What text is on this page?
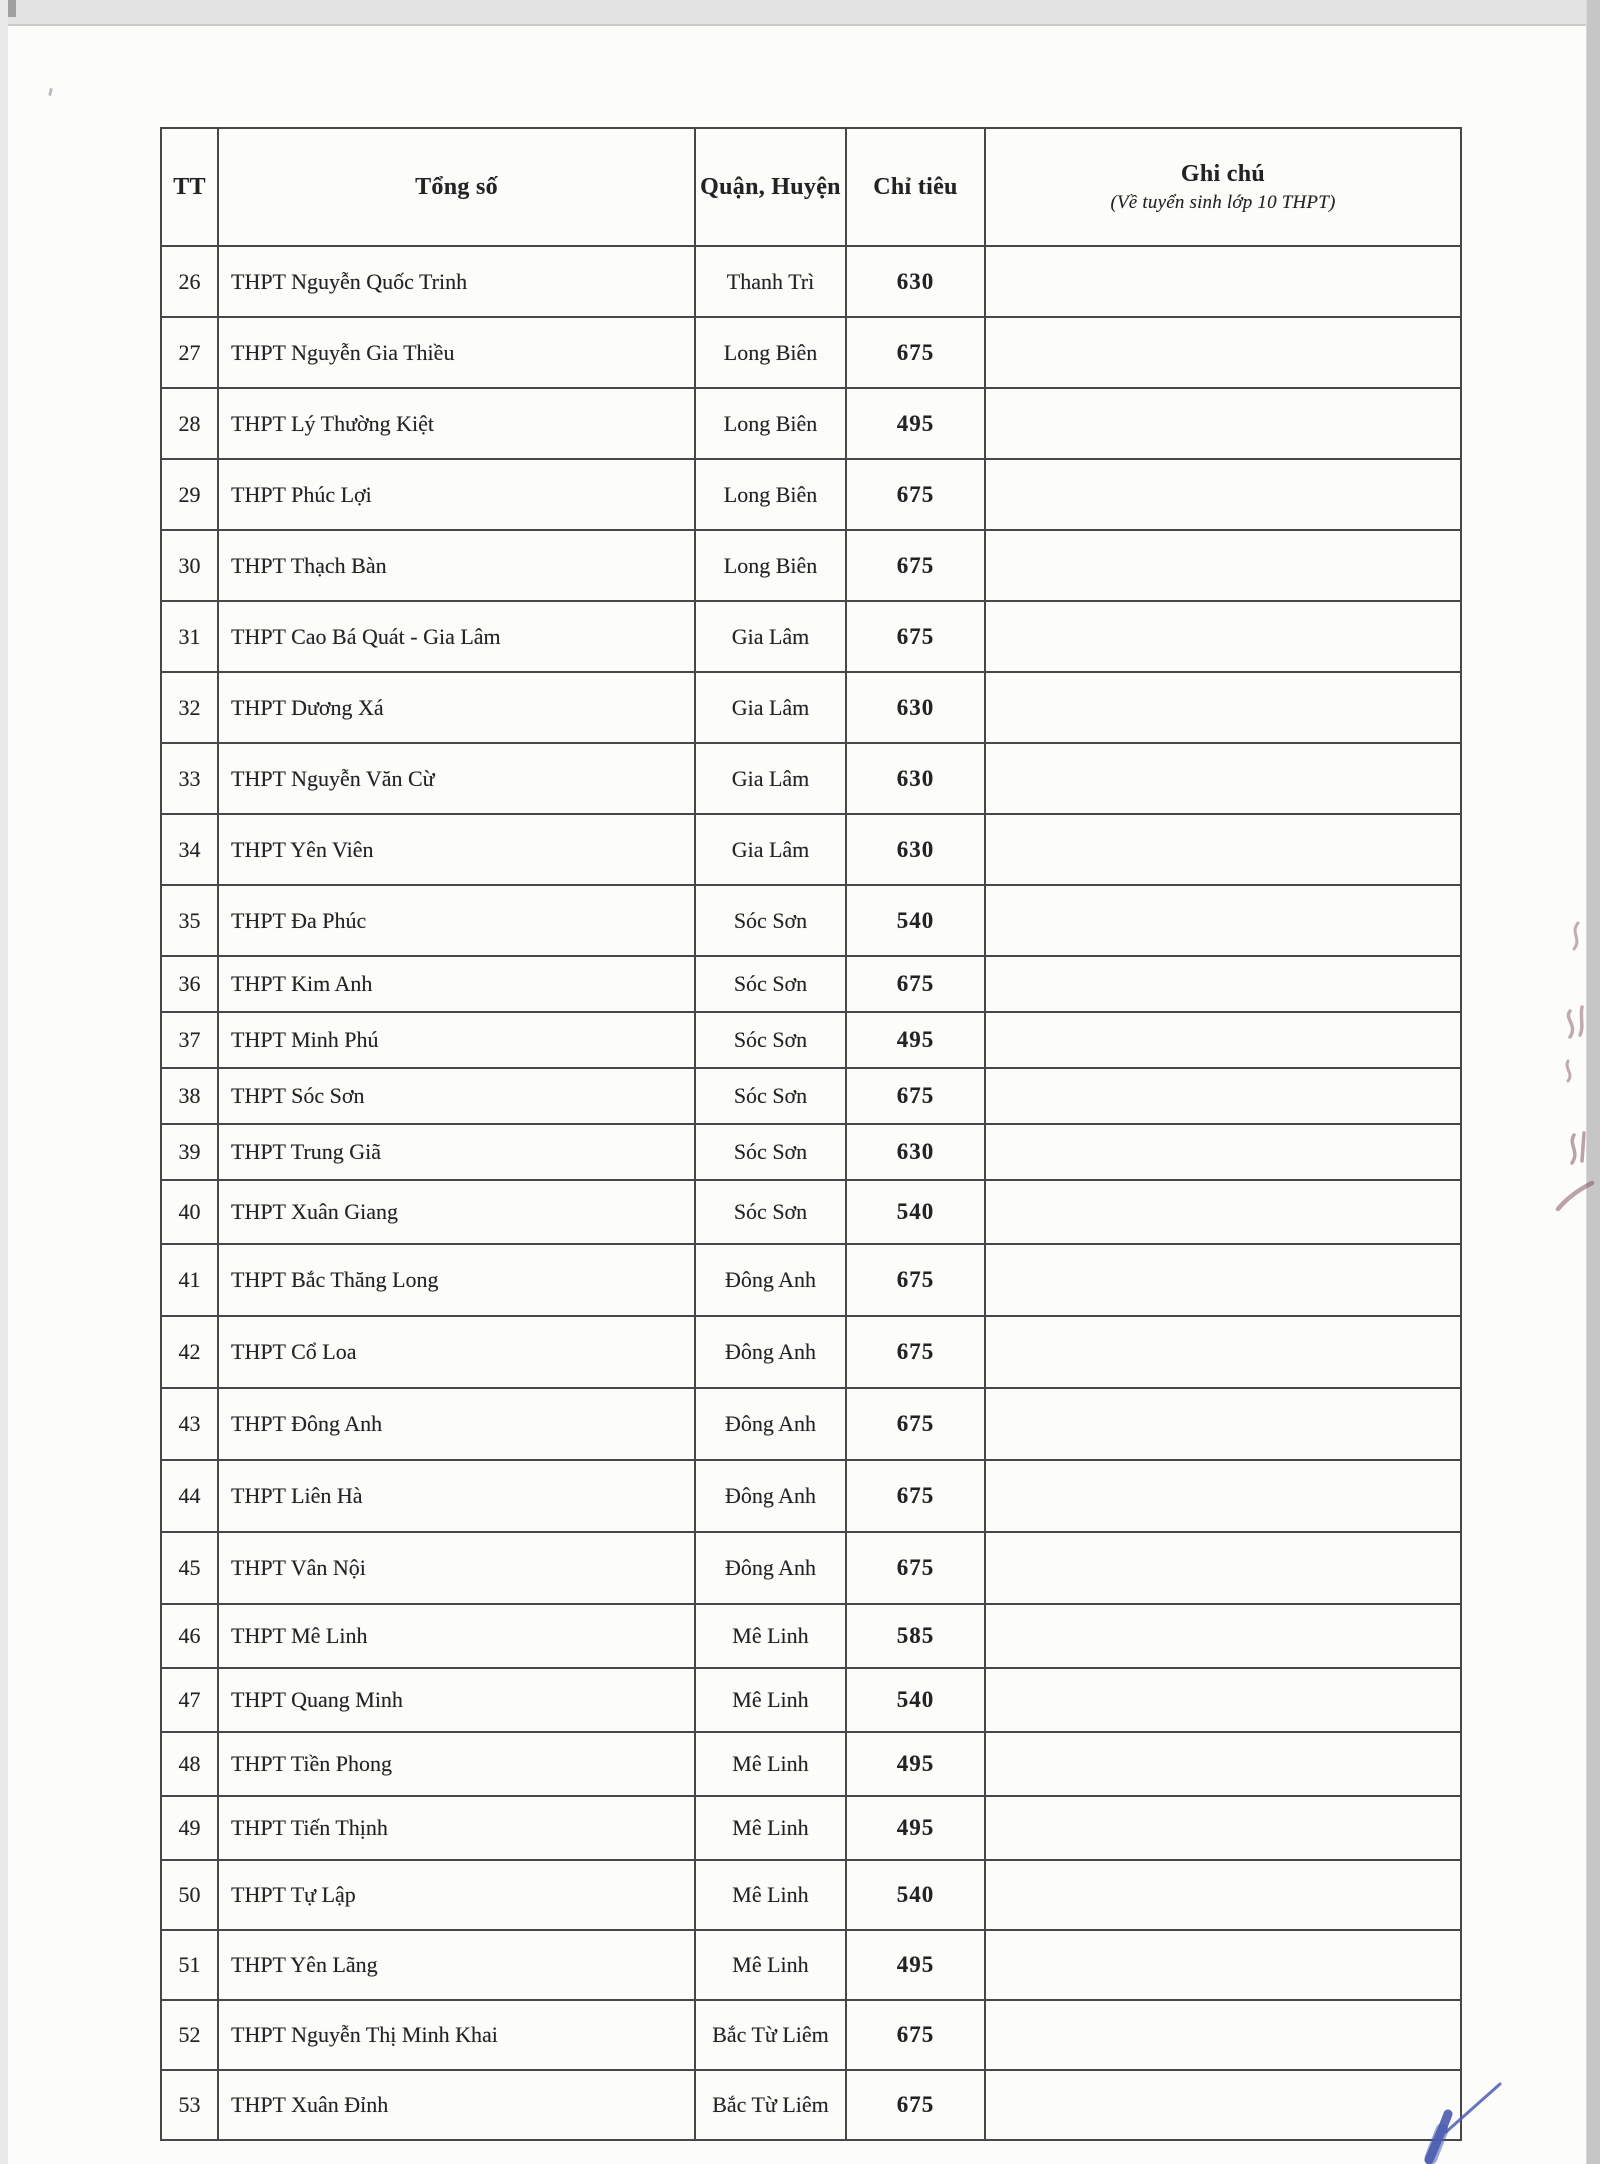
TT	Tổng số	Quận, Huyện	Chỉ tiêu	Ghi chú
(Về tuyển sinh lớp 10 THPT)

26	THPT Nguyễn Quốc Trinh	Thanh Trì	630	
27	THPT Nguyễn Gia Thiều	Long Biên	675	
28	THPT Lý Thường Kiệt	Long Biên	495	
29	THPT Phúc Lợi	Long Biên	675	
30	THPT Thạch Bàn	Long Biên	675	
31	THPT Cao Bá Quát - Gia Lâm	Gia Lâm	675	
32	THPT Dương Xá	Gia Lâm	630	
33	THPT Nguyễn Văn Cừ	Gia Lâm	630	
34	THPT Yên Viên	Gia Lâm	630	
35	THPT Đa Phúc	Sóc Sơn	540	
36	THPT Kim Anh	Sóc Sơn	675	
37	THPT Minh Phú	Sóc Sơn	495	
38	THPT Sóc Sơn	Sóc Sơn	675	
39	THPT Trung Giã	Sóc Sơn	630	
40	THPT Xuân Giang	Sóc Sơn	540	
41	THPT Bắc Thăng Long	Đông Anh	675	
42	THPT Cổ Loa	Đông Anh	675	
43	THPT Đông Anh	Đông Anh	675	
44	THPT Liên Hà	Đông Anh	675	
45	THPT Vân Nội	Đông Anh	675	
46	THPT Mê Linh	Mê Linh	585	
47	THPT Quang Minh	Mê Linh	540	
48	THPT Tiền Phong	Mê Linh	495	
49	THPT Tiến Thịnh	Mê Linh	495	
50	THPT Tự Lập	Mê Linh	540	
51	THPT Yên Lãng	Mê Linh	495	
52	THPT Nguyễn Thị Minh Khai	Bắc Từ Liêm	675	
53	THPT Xuân Đỉnh	Bắc Từ Liêm	675	
